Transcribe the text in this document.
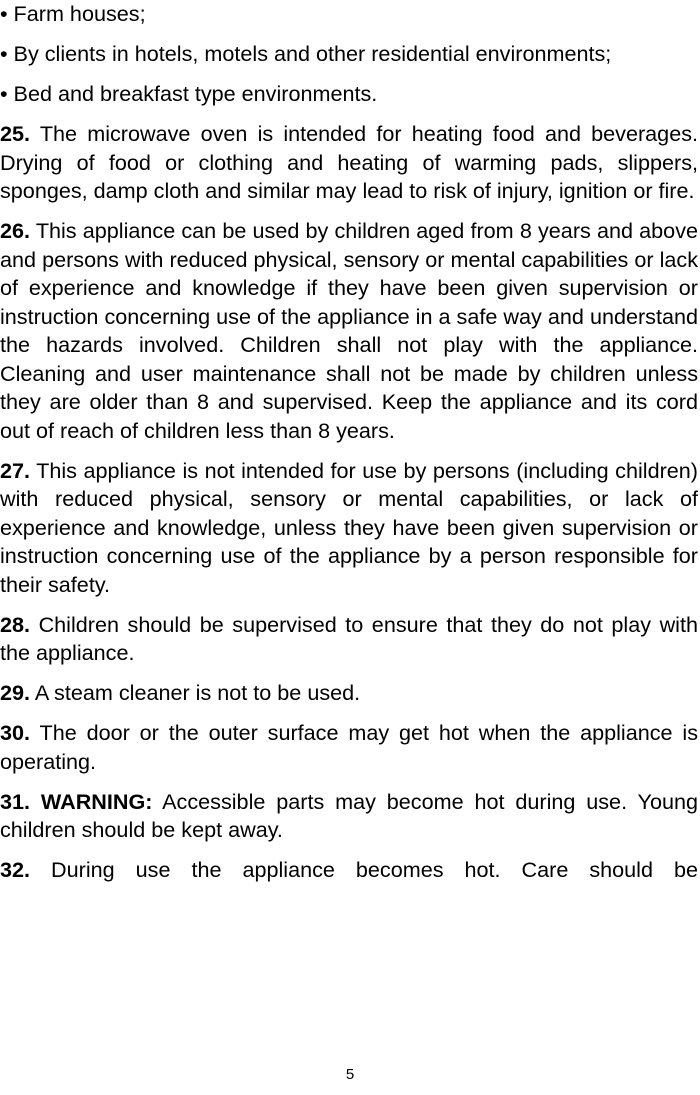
• Farm houses;

• By clients in hotels, motels and other residential environments;

• Bed and breakfast type environments.

25. The microwave oven is intended for heating food and beverages. Drying of food or clothing and heating of warming pads, slippers, sponges, damp cloth and similar may lead to risk of injury, ignition or fire.

26. This appliance can be used by children aged from 8 years and above and persons with reduced physical, sensory or mental capabilities or lack of experience and knowledge if they have been given supervision or instruction concerning use of the appliance in a safe way and understand the hazards involved. Children shall not play with the appliance. Cleaning and user maintenance shall not be made by children unless they are older than 8 and supervised. Keep the appliance and its cord out of reach of children less than 8 years.

27. This appliance is not intended for use by persons (including children) with reduced physical, sensory or mental capabilities, or lack of experience and knowledge, unless they have been given supervision or instruction concerning use of the appliance by a person responsible for their safety.

28. Children should be supervised to ensure that they do not play with the appliance.

29. A steam cleaner is not to be used.

30. The door or the outer surface may get hot when the appliance is operating.

31. WARNING: Accessible parts may become hot during use. Young children should be kept away.

32. During use the appliance becomes hot. Care should be

5
